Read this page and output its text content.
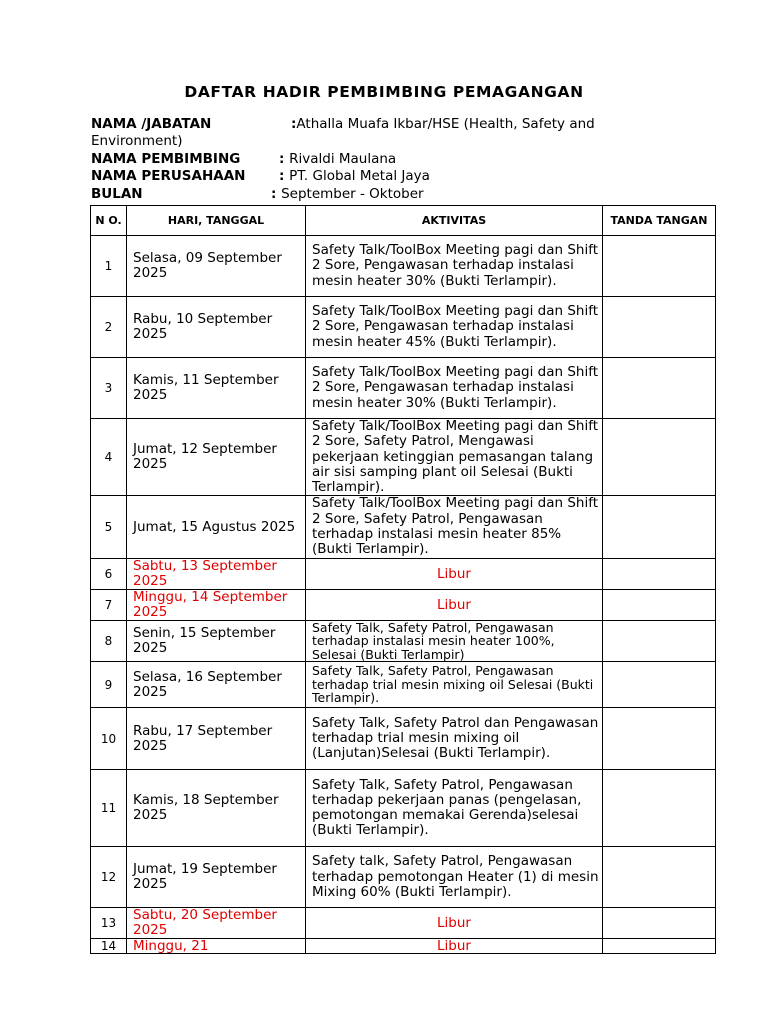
DAFTAR HADIR PEMBIMBING PEMAGANGAN
NAMA /JABATAN	:Athalla Muafa Ikbar/HSE (Health, Safety and Environment)
NAMA PEMBIMBING	: Rivaldi Maulana
NAMA PERUSAHAAN : PT. Global Metal Jaya
BULAN	: September - Oktober
N O.	HARI, TANGGAL	AKTIVITAS	TANDA TANGAN
1	Selasa, 09 September 2025	Safety Talk/ToolBox Meeting pagi dan Shift 2 Sore, Pengawasan terhadap instalasi mesin heater 30% (Bukti Terlampir).	
2	Rabu, 10 September 2025	Safety Talk/ToolBox Meeting pagi dan Shift 2 Sore, Pengawasan terhadap instalasi mesin heater 45% (Bukti Terlampir).	
3	Kamis, 11 September 2025	Safety Talk/ToolBox Meeting pagi dan Shift 2 Sore, Pengawasan terhadap instalasi mesin heater 30% (Bukti Terlampir).	
4	Jumat, 12 September 2025	Safety Talk/ToolBox Meeting pagi dan Shift 2 Sore, Safety Patrol, Mengawasi pekerjaan ketinggian pemasangan talang air sisi samping plant oil Selesai (Bukti Terlampir).	
5	Jumat, 15 Agustus 2025	Safety Talk/ToolBox Meeting pagi dan Shift 2 Sore, Safety Patrol, Pengawasan terhadap instalasi mesin heater 85% (Bukti Terlampir).	
6	Sabtu, 13 September 2025	Libur	
7	Minggu, 14 September 2025	Libur	
8	Senin, 15 September 2025	Safety Talk, Safety Patrol, Pengawasan terhadap instalasi mesin heater 100%, Selesai (Bukti Terlampir)	
9	Selasa, 16 September 2025	Safety Talk, Safety Patrol, Pengawasan terhadap trial mesin mixing oil Selesai (Bukti Terlampir).	
10	Rabu, 17 September 2025	Safety Talk, Safety Patrol dan Pengawasan terhadap trial mesin mixing oil (Lanjutan)Selesai (Bukti Terlampir).	
11	Kamis, 18 September 2025	Safety Talk, Safety Patrol, Pengawasan terhadap pekerjaan panas (pengelasan, pemotongan memakai Gerenda)selesai (Bukti Terlampir).	
12	Jumat, 19 September 2025	Safety talk, Safety Patrol, Pengawasan terhadap pemotongan Heater (1) di mesin Mixing 60% (Bukti Terlampir).	
13	Sabtu, 20 September 2025	Libur	
14	Minggu, 21	Libur	
